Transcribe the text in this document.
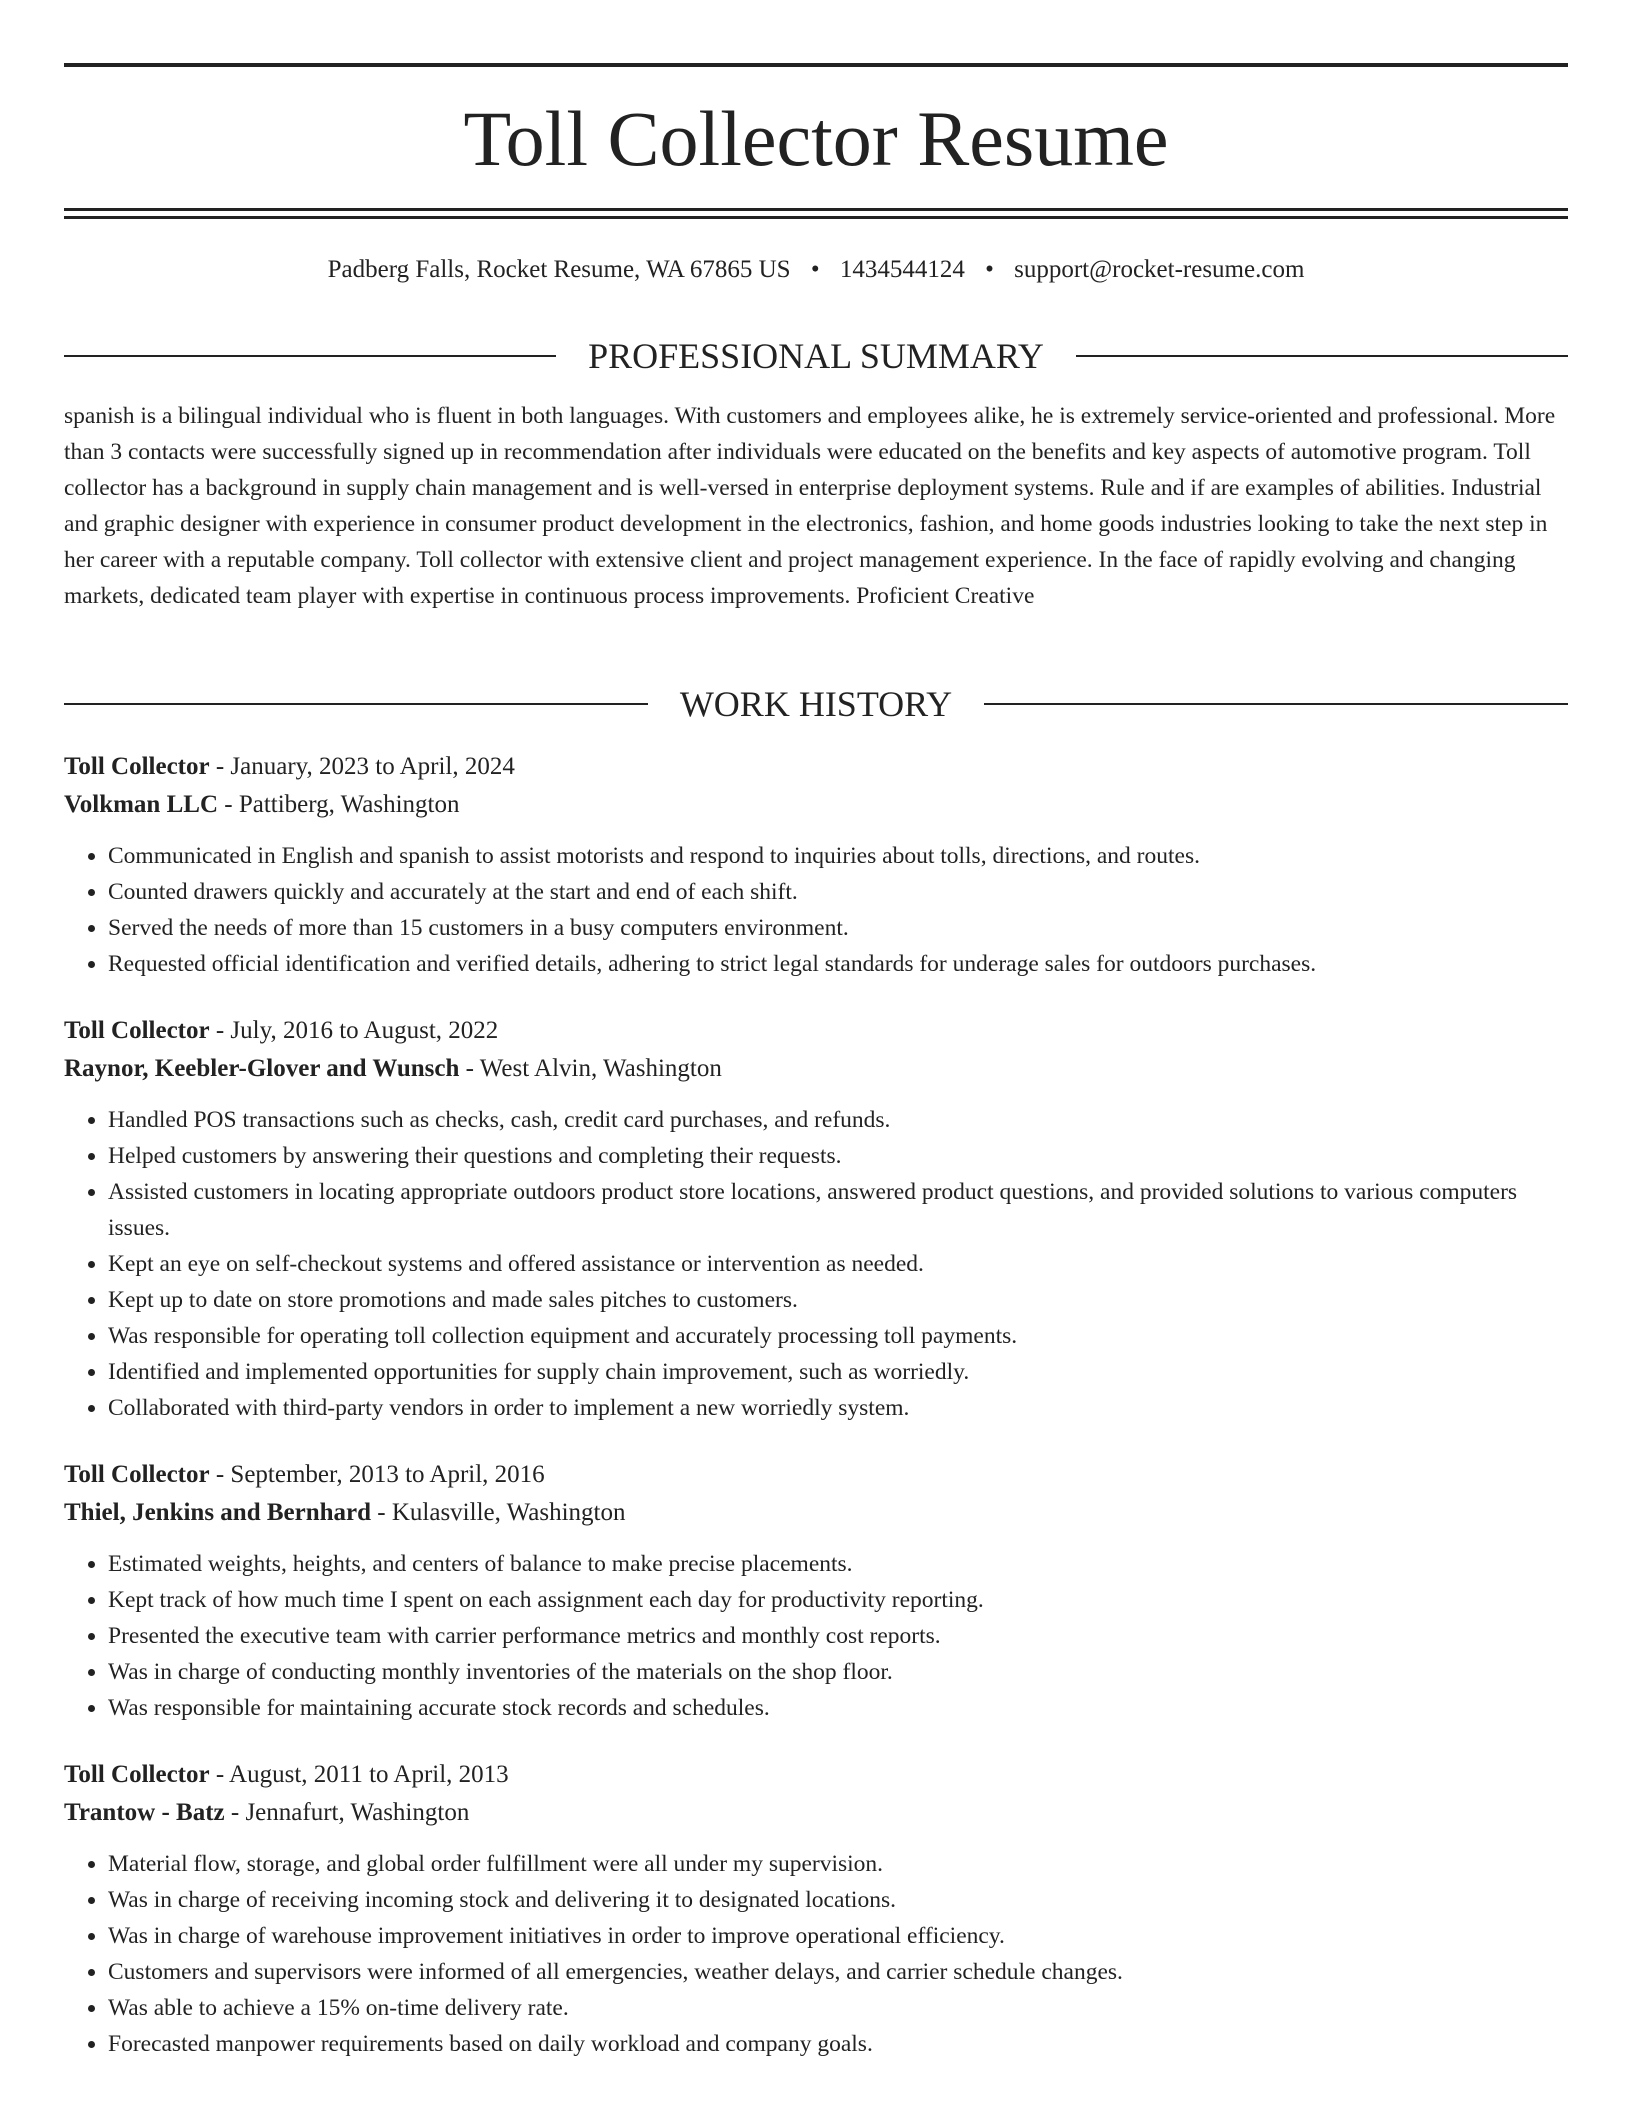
Toll Collector Resume
Padberg Falls, Rocket Resume, WA 67865 US • 1434544124 • support@rocket-resume.com
PROFESSIONAL SUMMARY

spanish is a bilingual individual who is fluent in both languages. With customers and employees alike, he is extremely service-oriented and professional. More than 3 contacts were successfully signed up in recommendation after individuals were educated on the benefits and key aspects of automotive program. Toll collector has a background in supply chain management and is well-versed in enterprise deployment systems. Rule and if are examples of abilities. Industrial and graphic designer with experience in consumer product development in the electronics, fashion, and home goods industries looking to take the next step in her career with a reputable company. Toll collector with extensive client and project management experience. In the face of rapidly evolving and changing markets, dedicated team player with expertise in continuous process improvements. Proficient Creative

WORK HISTORY

Toll Collector - January, 2023 to April, 2024

Volkman LLC - Pattiberg, Washington

• Communicated in English and spanish to assist motorists and respond to inquiries about tolls, directions, and routes.
• Counted drawers quickly and accurately at the start and end of each shift.
• Served the needs of more than 15 customers in a busy computers environment.
• Requested official identification and verified details, adhering to strict legal standards for underage sales for outdoors purchases.

Toll Collector - July, 2016 to August, 2022

Raynor, Keebler-Glover and Wunsch - West Alvin, Washington

• Handled POS transactions such as checks, cash, credit card purchases, and refunds.
• Helped customers by answering their questions and completing their requests.
• Assisted customers in locating appropriate outdoors product store locations, answered product questions, and provided solutions to various computers issues.
• Kept an eye on self-checkout systems and offered assistance or intervention as needed.
• Kept up to date on store promotions and made sales pitches to customers.
• Was responsible for operating toll collection equipment and accurately processing toll payments.
• Identified and implemented opportunities for supply chain improvement, such as worriedly.
• Collaborated with third-party vendors in order to implement a new worriedly system.

Toll Collector - September, 2013 to April, 2016

Thiel, Jenkins and Bernhard - Kulasville, Washington

• Estimated weights, heights, and centers of balance to make precise placements.
• Kept track of how much time I spent on each assignment each day for productivity reporting.
• Presented the executive team with carrier performance metrics and monthly cost reports.
• Was in charge of conducting monthly inventories of the materials on the shop floor.
• Was responsible for maintaining accurate stock records and schedules.

Toll Collector - August, 2011 to April, 2013

Trantow - Batz - Jennafurt, Washington

• Material flow, storage, and global order fulfillment were all under my supervision.
• Was in charge of receiving incoming stock and delivering it to designated locations.
• Was in charge of warehouse improvement initiatives in order to improve operational efficiency.
• Customers and supervisors were informed of all emergencies, weather delays, and carrier schedule changes.
• Was able to achieve a 15% on-time delivery rate.
• Forecasted manpower requirements based on daily workload and company goals.
